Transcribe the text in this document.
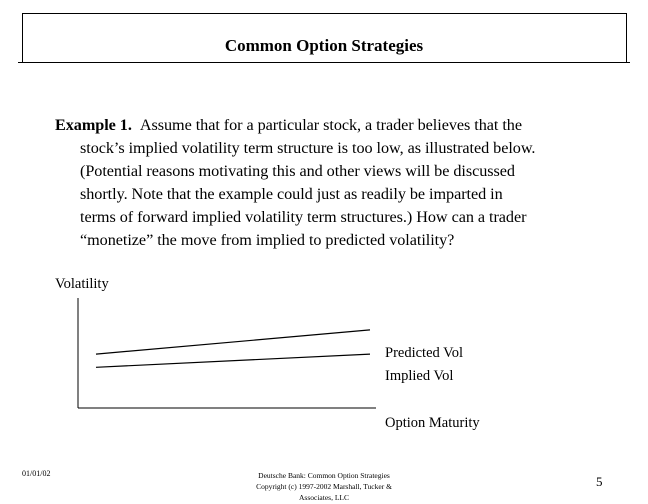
Common Option Strategies
Example 1. Assume that for a particular stock, a trader believes that the
stock’s implied volatility term structure is too low, as illustrated below.
(Potential reasons motivating this and other views will be discussed
shortly. Note that the example could just as readily be imparted in
terms of forward implied volatility term structures.) How can a trader
“monetize” the move from implied to predicted volatility?
Volatility
Option Maturity
Predicted Vol
Implied Vol
01/01/02	Deutsche Bank: Common Option Strategies
Copyright (c) 1997-2002 Marshall, Tucker &
Associates, LLC
5
